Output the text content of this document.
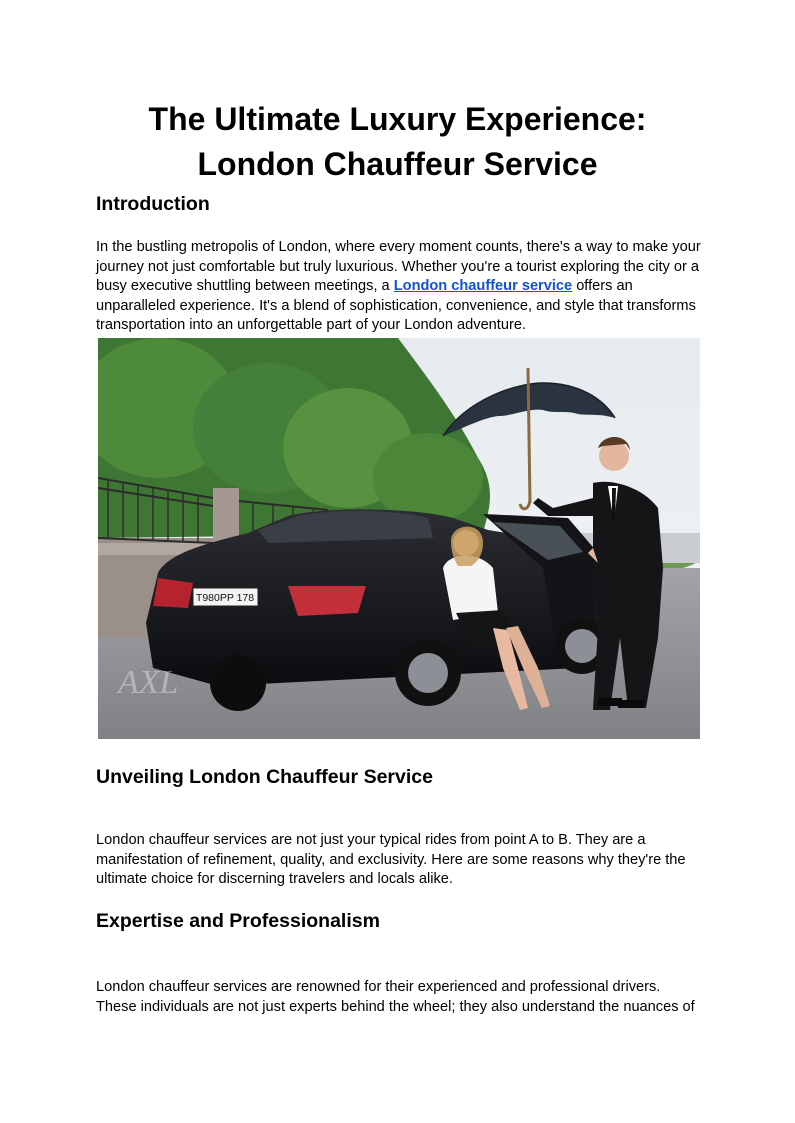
The Ultimate Luxury Experience:
London Chauffeur Service
Introduction

In the bustling metropolis of London, where every moment counts, there's a way to make your journey not just comfortable but truly luxurious. Whether you're a tourist exploring the city or a busy executive shuttling between meetings, a London chauffeur service offers an unparalleled experience. It's a blend of sophistication, convenience, and style that transforms transportation into an unforgettable part of your London adventure.

T980PP 178
AXL
Unveiling London Chauffeur Service

London chauffeur services are not just your typical rides from point A to B. They are a manifestation of refinement, quality, and exclusivity. Here are some reasons why they're the ultimate choice for discerning travelers and locals alike.

Expertise and Professionalism

London chauffeur services are renowned for their experienced and professional drivers. These individuals are not just experts behind the wheel; they also understand the nuances of
